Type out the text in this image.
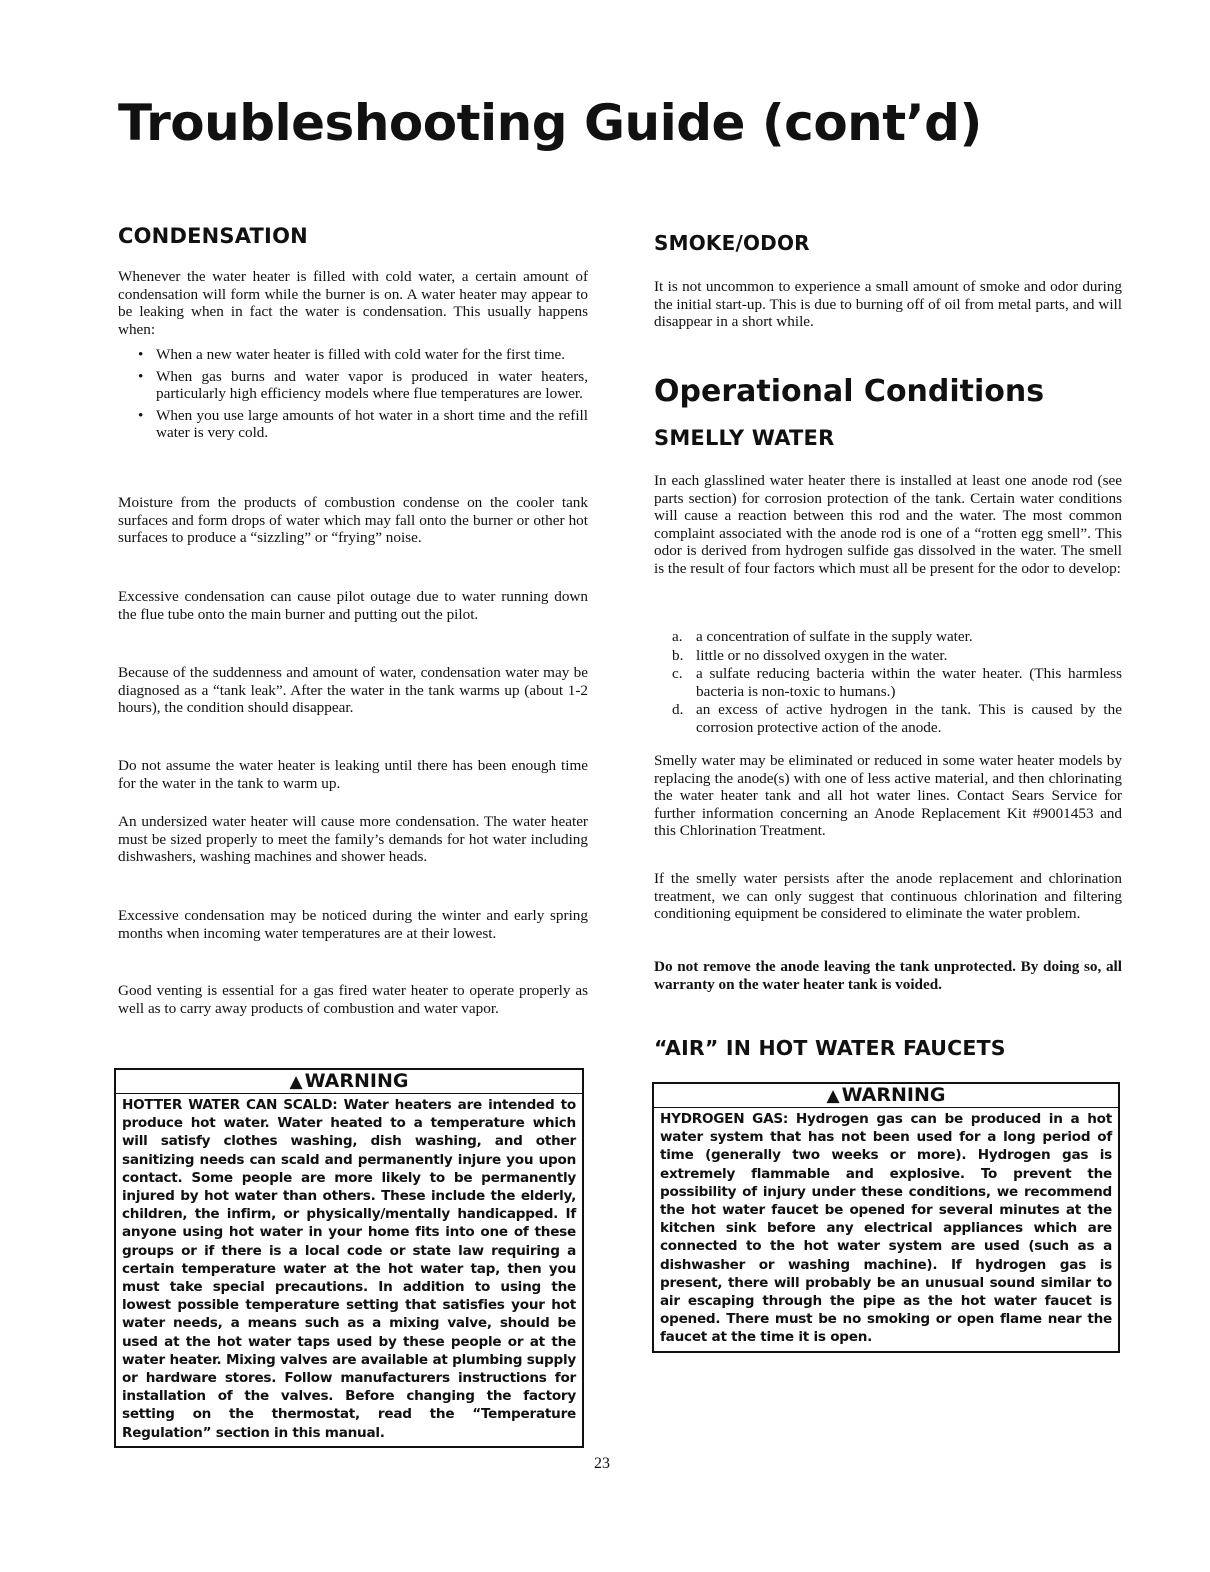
Troubleshooting Guide (cont’d)
CONDENSATION

Whenever the water heater is filled with cold water, a certain amount of condensation will form while the burner is on. A water heater may appear to be leaking when in fact the water is condensation. This usually happens when:

• When a new water heater is filled with cold water for the first time.
• When gas burns and water vapor is produced in water heaters, particularly high efficiency models where flue temperatures are lower.
• When you use large amounts of hot water in a short time and the refill water is very cold.

Moisture from the products of combustion condense on the cooler tank surfaces and form drops of water which may fall onto the burner or other hot surfaces to produce a “sizzling” or “frying” noise.

Excessive condensation can cause pilot outage due to water running down the flue tube onto the main burner and putting out the pilot.

Because of the suddenness and amount of water, condensation water may be diagnosed as a “tank leak”. After the water in the tank warms up (about 1-2 hours), the condition should disappear.

Do not assume the water heater is leaking until there has been enough time for the water in the tank to warm up.

An undersized water heater will cause more condensation. The water heater must be sized properly to meet the family’s demands for hot water including dishwashers, washing machines and shower heads.

Excessive condensation may be noticed during the winter and early spring months when incoming water temperatures are at their lowest.

Good venting is essential for a gas fired water heater to operate properly as well as to carry away products of combustion and water vapor.

▲ WARNING
HOTTER WATER CAN SCALD: Water heaters are intended to produce hot water. Water heated to a temperature which will satisfy clothes washing, dish washing, and other sanitizing needs can scald and permanently injure you upon contact. Some people are more likely to be permanently injured by hot water than others. These include the elderly, children, the infirm, or physically/mentally handicapped. If anyone using hot water in your home fits into one of these groups or if there is a local code or state law requiring a certain temperature water at the hot water tap, then you must take special precautions. In addition to using the lowest possible temperature setting that satisfies your hot water needs, a means such as a mixing valve, should be used at the hot water taps used by these people or at the water heater. Mixing valves are available at plumbing supply or hardware stores. Follow manufacturers instructions for installation of the valves. Before changing the factory setting on the thermostat, read the “Temperature Regulation” section in this manual.
SMOKE/ODOR

It is not uncommon to experience a small amount of smoke and odor during the initial start-up. This is due to burning off of oil from metal parts, and will disappear in a short while.

Operational Conditions
SMELLY WATER

In each glasslined water heater there is installed at least one anode rod (see parts section) for corrosion protection of the tank. Certain water conditions will cause a reaction between this rod and the water. The most common complaint associated with the anode rod is one of a “rotten egg smell”. This odor is derived from hydrogen sulfide gas dissolved in the water. The smell is the result of four factors which must all be present for the odor to develop:

a. a concentration of sulfate in the supply water.
b. little or no dissolved oxygen in the water.
c. a sulfate reducing bacteria within the water heater. (This harmless bacteria is non-toxic to humans.)
d. an excess of active hydrogen in the tank. This is caused by the corrosion protective action of the anode.

Smelly water may be eliminated or reduced in some water heater models by replacing the anode(s) with one of less active material, and then chlorinating the water heater tank and all hot water lines. Contact Sears Service for further information concerning an Anode Replacement Kit #9001453 and this Chlorination Treatment.

If the smelly water persists after the anode replacement and chlorination treatment, we can only suggest that continuous chlorination and filtering conditioning equipment be considered to eliminate the water problem.

Do not remove the anode leaving the tank unprotected. By doing so, all warranty on the water heater tank is voided.

“AIR” IN HOT WATER FAUCETS
▲ WARNING
HYDROGEN GAS: Hydrogen gas can be produced in a hot water system that has not been used for a long period of time (generally two weeks or more). Hydrogen gas is extremely flammable and explosive. To prevent the possibility of injury under these conditions, we recommend the hot water faucet be opened for several minutes at the kitchen sink before any electrical appliances which are connected to the hot water system are used (such as a dishwasher or washing machine). If hydrogen gas is present, there will probably be an unusual sound similar to air escaping through the pipe as the hot water faucet is opened. There must be no smoking or open flame near the faucet at the time it is open.

23
